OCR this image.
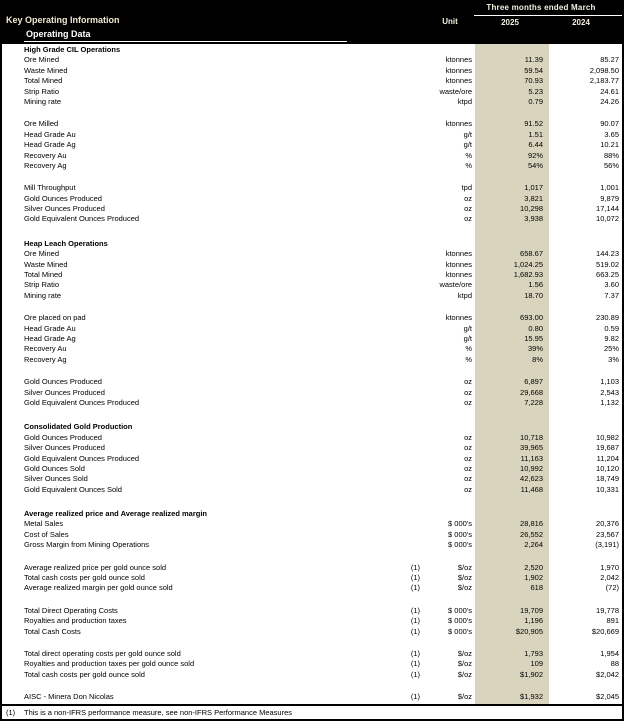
Three months ended March
Key Operating Information	Unit	2025	2024
Operating Data
High Grade CIL Operations
Ore Mined	ktonnes	11.39	85.27
Waste Mined	ktonnes	59.54	2,098.50
Total Mined	ktonnes	70.93	2,183.77
Strip Ratio	waste/ore	5.23	24.61
Mining rate	ktpd	0.79	24.26
Ore Milled	ktonnes	91.52	90.07
Head Grade Au	g/t	1.51	3.65
Head Grade Ag	g/t	6.44	10.21
Recovery Au	%	92%	88%
Recovery Ag	%	54%	56%
Mill Throughput	tpd	1,017	1,001
Gold Ounces Produced	oz	3,821	9,879
Silver Ounces Produced	oz	10,298	17,144
Gold Equivalent Ounces Produced	oz	3,938	10,072
Heap Leach Operations
Ore Mined	ktonnes	658.67	144.23
Waste Mined	ktonnes	1,024.25	519.02
Total Mined	ktonnes	1,682.93	663.25
Strip Ratio	waste/ore	1.56	3.60
Mining rate	ktpd	18.70	7.37
Ore placed on pad	ktonnes	693.00	230.89
Head Grade Au	g/t	0.80	0.59
Head Grade Ag	g/t	15.95	9.82
Recovery Au	%	39%	25%
Recovery Ag	%	8%	3%
Gold Ounces Produced	oz	6,897	1,103
Silver Ounces Produced	oz	29,668	2,543
Gold Equivalent Ounces Produced	oz	7,228	1,132
Consolidated Gold Production
Gold Ounces Produced	oz	10,718	10,982
Silver Ounces Produced	oz	39,965	19,687
Gold Equivalent Ounces Produced	oz	11,163	11,204
Gold Ounces Sold	oz	10,992	10,120
Silver Ounces Sold	oz	42,623	18,749
Gold Equivalent Ounces Sold	oz	11,468	10,331
Average realized price and Average realized margin
Metal Sales	$ 000's	28,816	20,376
Cost of Sales	$ 000's	26,552	23,567
Gross Margin from Mining Operations	$ 000's	2,264	(3,191)
Average realized price per gold ounce sold	(1)	$/oz	2,520	1,970
Total cash costs per gold ounce sold	(1)	$/oz	1,902	2,042
Average realized margin per gold ounce sold	(1)	$/oz	618	(72)
Total Direct Operating Costs	(1)	$ 000's	19,709	19,778
Royalties and production taxes	(1)	$ 000's	1,196	891
Total Cash Costs	(1)	$ 000's	$20,905	$20,669
Total direct operating costs per gold ounce sold	(1)	$/oz	1,793	1,954
Royalties and production taxes per gold ounce sold	(1)	$/oz	109	88
Total cash costs per gold ounce sold	(1)	$/oz	$1,902	$2,042
AISC - Minera Don Nicolas	(1)	$/oz	$1,932	$2,045
(1)	This is a non-IFRS performance measure, see non-IFRS Performance Measures
